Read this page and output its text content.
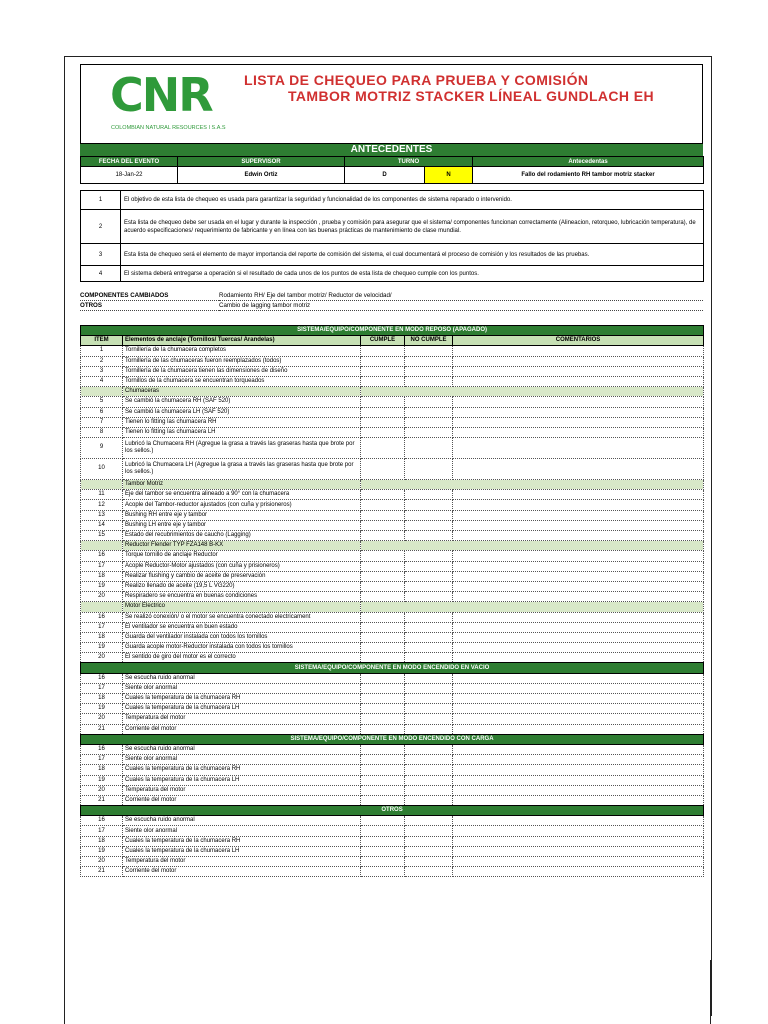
CNR
COLOMBIAN NATURAL RESOURCES I S.A.S
LISTA DE CHEQUEO PARA PRUEBA Y COMISIÓN
TAMBOR MOTRIZ STACKER LÍNEAL GUNDLACH EH
ANTECEDENTES
FECHA DEL EVENTO	SUPERVISOR	TURNO		Antecedentas
18-Jan-22	Edwin Ortiz	D	N	Fallo del rodamiento RH tambor motriz stacker
1	El objetivo de esta lista de chequeo es usada para garantizar la seguridad y funcionalidad de los componentes de sistema reparado o intervenido.
2	Esta lista de chequeo debe ser usada en el lugar y durante la inspección , prueba y comisión para asegurar que el sistema/ componentes funcionan correctamente (Alineacion, retorqueo, lubricación temperatura), de acuerdo especificaciones/ requerimiento de fabricante y en línea con las buenas prácticas de mantenimiento de clase mundial.
3	Esta lista de chequeo será el elemento de mayor importancia del reporte de comisión del sistema, el cual documentará el proceso de comisión y los resultados de las pruebas.
4	El sistema deberá entregarse a operación si el resultado de cada unos de los puntos de esta lista de chequeo cumple con los puntos.
COMPONENTES CAMBIADOS	Rodamiento RH/ Eje del tambor motriz/ Reductor de velocidad/
OTROS	Cambio de lagging tambor motriz
SISTEMA/EQUIPO/COMPONENTE EN MODO REPOSO (APAGADO)				
ITEM	Elementos de anclaje (Tornillos/ Tuercas/ Arandelas)	CUMPLE	NO CUMPLE	COMENTARIOS
1	Tornillería de la chumacera completos			
2	Tornillería de las chumaceras fueron reemplazados (todos)			
3	Tornillería de la chumacera tienen las dimensiones de diseño			
4	Tornillos de la chumacera se encuentran torqueados			
	Chumaceras			
5	Se cambió la chumacera RH (SAF 520)			
6	Se cambió la chumacera LH (SAF 520)			
7	Tienen lo fitting las chumacera RH			
8	Tienen lo fitting las chumacera LH			
9	Lubricó la Chumacera RH (Agregue la grasa a través las graseras hasta que brote por los sellos.)			
10	Lubricó la Chumacera LH (Agregue la grasa a través las graseras hasta que brote por los sellos.)			
	Tambor Motriz			
11	Eje del tambor se encuentra alineado a 90° con la chumacera			
12	Acople del Tambor-reductor ajustados (con cuña y prisioneros)			
13	Bushing RH entre eje y tambor			
14	Bushing LH entre eje y tambor			
15	Estado del recubrimientos de caucho (Lagging)			
	Reductor Flender TYP FZA148 B-KX			
16	Torque tornillo de anclaje Reductor			
17	Acople Reductor-Motor ajustados (con cuña y prisioneros)			
18	Realizar flushing y cambio de aceite de preservación			
19	Realizo llenado de aceite (19,5 L VG220)			
20	Respiradero se encuentra en buenas condiciones			
	Motor Electrico			
16	Se realizó conexión/ o el motor se encuentra conectado electricament			
17	El ventilador se encuentra en buen estado			
18	Guarda del ventilador instalada con todos los tornillos			
19	Guarda acople motor-Reductor instalada con todos los tornillos			
20	El sentido de giro del motor es el correcto			
SISTEMA/EQUIPO/COMPONENTE EN MODO ENCENDIDO EN VACIO				
16	Se escucha ruido anormal			
17	Siente olor anormal			
18	Cuales la temperatura de la chumacera RH			
19	Cuales la temperatura de la chumacera LH			
20	Temperatura del motor			
21	Corriente del motor			
SISTEMA/EQUIPO/COMPONENTE EN MODO ENCENDIDO CON CARGA				
16	Se escucha ruido anormal			
17	Siente olor anormal			
18	Cuales la temperatura de la chumacera RH			
19	Cuales la temperatura de la chumacera LH			
20	Temperatura del motor			
21	Corriente del motor			
OTROS				
16	Se escucha ruido anormal			
17	Siente olor anormal			
18	Cuales la temperatura de la chumacera RH			
19	Cuales la temperatura de la chumacera LH			
20	Temperatura del motor			
21	Corriente del motor			
